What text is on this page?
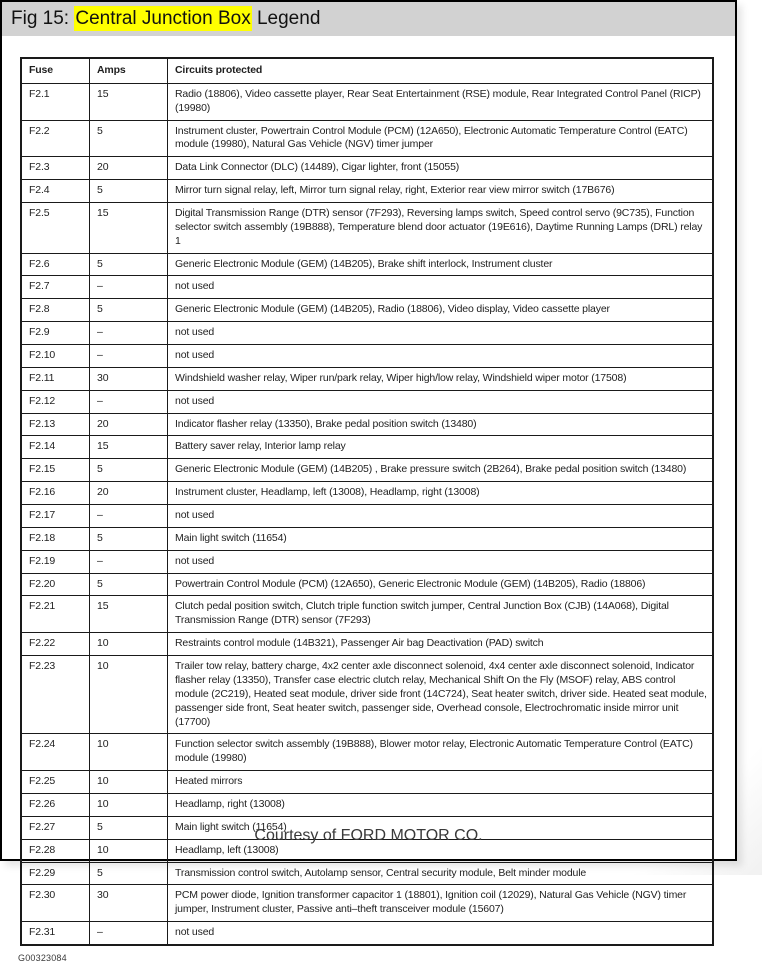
Fig 15: Central Junction Box Legend
Fuse	Amps	Circuits protected
F2.1	15	Radio (18806), Video cassette player, Rear Seat Entertainment (RSE) module, Rear Integrated Control Panel (RICP) (19980)
F2.2	5	Instrument cluster, Powertrain Control Module (PCM) (12A650), Electronic Automatic Temperature Control (EATC) module (19980), Natural Gas Vehicle (NGV) timer jumper
F2.3	20	Data Link Connector (DLC) (14489), Cigar lighter, front (15055)
F2.4	5	Mirror turn signal relay, left, Mirror turn signal relay, right, Exterior rear view mirror switch (17B676)
F2.5	15	Digital Transmission Range (DTR) sensor (7F293), Reversing lamps switch, Speed control servo (9C735), Function selector switch assembly (19B888), Temperature blend door actuator (19E616), Daytime Running Lamps (DRL) relay 1
F2.6	5	Generic Electronic Module (GEM) (14B205), Brake shift interlock, Instrument cluster
F2.7	–	not used
F2.8	5	Generic Electronic Module (GEM) (14B205), Radio (18806), Video display, Video cassette player
F2.9	–	not used
F2.10	–	not used
F2.11	30	Windshield washer relay, Wiper run/park relay, Wiper high/low relay, Windshield wiper motor (17508)
F2.12	–	not used
F2.13	20	Indicator flasher relay (13350), Brake pedal position switch (13480)
F2.14	15	Battery saver relay, Interior lamp relay
F2.15	5	Generic Electronic Module (GEM) (14B205) , Brake pressure switch (2B264), Brake pedal position switch (13480)
F2.16	20	Instrument cluster, Headlamp, left (13008), Headlamp, right (13008)
F2.17	–	not used
F2.18	5	Main light switch (11654)
F2.19	–	not used
F2.20	5	Powertrain Control Module (PCM) (12A650), Generic Electronic Module (GEM) (14B205), Radio (18806)
F2.21	15	Clutch pedal position switch, Clutch triple function switch jumper, Central Junction Box (CJB) (14A068), Digital Transmission Range (DTR) sensor (7F293)
F2.22	10	Restraints control module (14B321), Passenger Air bag Deactivation (PAD) switch
F2.23	10	Trailer tow relay, battery charge, 4x2 center axle disconnect solenoid, 4x4 center axle disconnect solenoid, Indicator flasher relay (13350), Transfer case electric clutch relay, Mechanical Shift On the Fly (MSOF) relay, ABS control module (2C219), Heated seat module, driver side front (14C724), Seat heater switch, driver side. Heated seat module, passenger side front, Seat heater switch, passenger side, Overhead console, Electrochromatic inside mirror unit (17700)
F2.24	10	Function selector switch assembly (19B888), Blower motor relay, Electronic Automatic Temperature Control (EATC) module (19980)
F2.25	10	Heated mirrors
F2.26	10	Headlamp, right (13008)
F2.27	5	Main light switch (11654)
F2.28	10	Headlamp, left (13008)
F2.29	5	Transmission control switch, Autolamp sensor, Central security module, Belt minder module
F2.30	30	PCM power diode, Ignition transformer capacitor 1 (18801), Ignition coil (12029), Natural Gas Vehicle (NGV) timer jumper, Instrument cluster, Passive anti–theft transceiver module (15607)
F2.31	–	not used
G00323084
Courtesy of FORD MOTOR CO.
